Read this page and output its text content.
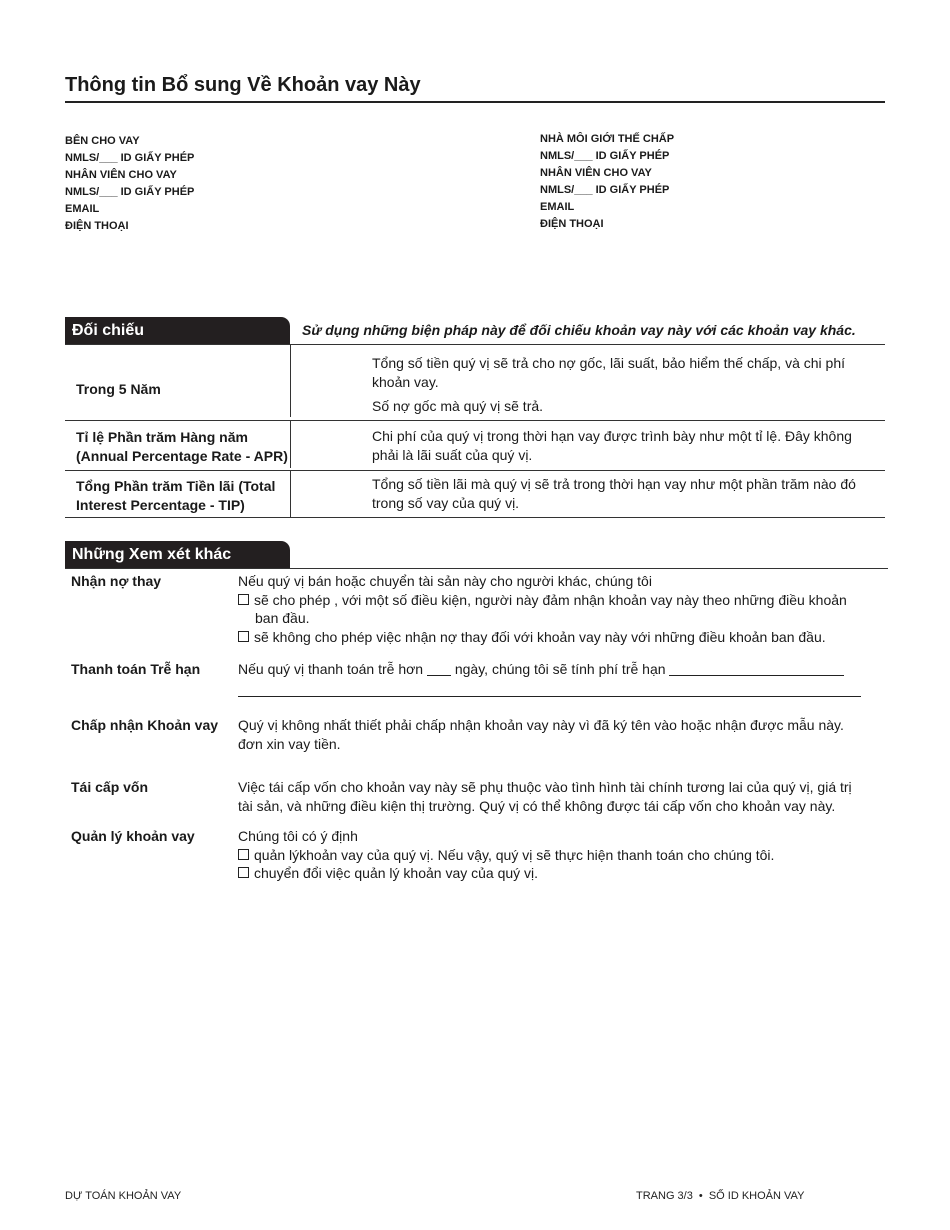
Thông tin Bổ sung Về Khoản vay Này
BÊN CHO VAY
NMLS/___ ID GIẤY PHÉP
NHÂN VIÊN CHO VAY
NMLS/___ ID GIẤY PHÉP
EMAIL
ĐIỆN THOẠI
NHÀ MÔI GIỚI THẾ CHẤP
NMLS/___ ID GIẤY PHÉP
NHÂN VIÊN CHO VAY
NMLS/___ ID GIẤY PHÉP
EMAIL
ĐIỆN THOẠI
Đối chiếu	Sử dụng những biện pháp này để đối chiếu khoản vay này với các khoản vay khác.
Trong 5 Năm
Tổng số tiền quý vị sẽ trả cho nợ gốc, lãi suất, bảo hiểm thế chấp, và chi phí khoản vay.
Số nợ gốc mà quý vị sẽ trả.
Tỉ lệ Phần trăm Hàng năm
(Annual Percentage Rate - APR)
Chi phí của quý vị trong thời hạn vay được trình bày như một tỉ lệ. Đây không phải là lãi suất của quý vị.
Tổng Phần trăm Tiền lãi (Total
Interest Percentage - TIP)
Tổng số tiền lãi mà quý vị sẽ trả trong thời hạn vay như một phần trăm nào đó trong số vay của quý vị.
Những Xem xét khác
Nhận nợ thay	Nếu quý vị bán hoặc chuyển tài sản này cho người khác, chúng tôi
sẽ cho phép , với một số điều kiện, người này đảm nhận khoản vay này theo những điều khoản
ban đầu.
sẽ không cho phép việc nhận nợ thay đối với khoản vay này với những điều khoản ban đầu.
Thanh toán Trễ hạn	Nếu quý vị thanh toán trễ hơn ngày, chúng tôi sẽ tính phí trễ hạn
Chấp nhận Khoản vay Quý vị không nhất thiết phải chấp nhận khoản vay này vì đã ký tên vào hoặc nhận được mẫu này.
đơn xin vay tiền.
Tái cấp vốn	Việc tái cấp vốn cho khoản vay này sẽ phụ thuộc vào tình hình tài chính tương lai của quý vị, giá trị
tài sản, và những điều kiện thị trường. Quý vị có thể không được tái cấp vốn cho khoản vay này.
Quản lý khoản vay	Chúng tôi có ý định
quản lýkhoản vay của quý vị. Nếu vậy, quý vị sẽ thực hiện thanh toán cho chúng tôi.
chuyển đổi việc quản lý khoản vay của quý vị.
DỰ TOÁN KHOẢN VAY	TRANG 3/3 • SỐ ID KHOẢN VAY
